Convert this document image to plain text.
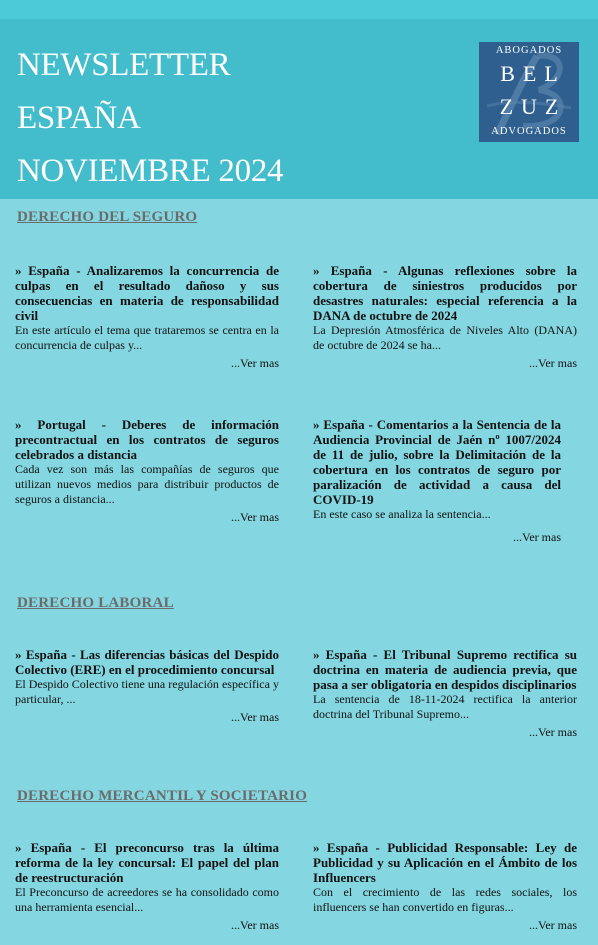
NEWSLETTER
ESPAÑA
NOVIEMBRE 2024
ABOGADOS
BEL
ZUZ
ADVOGADOS
DERECHO DEL SEGURO
» España - Analizaremos la concurrencia de culpas en el resultado dañoso y sus consecuencias en materia de responsabilidad civil
En este artículo el tema que trataremos se centra en la concurrencia de culpas y...
...Ver mas
» España - Algunas reflexiones sobre la cobertura de siniestros producidos por desastres naturales: especial referencia a la DANA de octubre de 2024
La Depresión Atmosférica de Niveles Alto (DANA) de octubre de 2024 se ha...
...Ver mas
» Portugal - Deberes de información precontractual en los contratos de seguros celebrados a distancia
Cada vez son más las compañías de seguros que utilizan nuevos medios para distribuir productos de seguros a distancia...
...Ver mas
» España - Comentarios a la Sentencia de la Audiencia Provincial de Jaén nº 1007/2024 de 11 de julio, sobre la Delimitación de la cobertura en los contratos de seguro por paralización de actividad a causa del COVID-19
En este caso se analiza la sentencia...
...Ver mas
DERECHO LABORAL
» España - Las diferencias básicas del Despido Colectivo (ERE) en el procedimiento concursal
El Despido Colectivo tiene una regulación específica y particular, ...
...Ver mas
» España - El Tribunal Supremo rectifica su doctrina en materia de audiencia previa, que pasa a ser obligatoria en despidos disciplinarios
La sentencia de 18-11-2024 rectifica la anterior doctrina del Tribunal Supremo...
...Ver mas
DERECHO MERCANTIL Y SOCIETARIO
» España - El preconcurso tras la última reforma de la ley concursal: El papel del plan de reestructuración
El Preconcurso de acreedores se ha consolidado como una herramienta esencial...
...Ver mas
» España - Publicidad Responsable: Ley de Publicidad y su Aplicación en el Ámbito de los Influencers
Con el crecimiento de las redes sociales, los influencers se han convertido en figuras...
...Ver mas
